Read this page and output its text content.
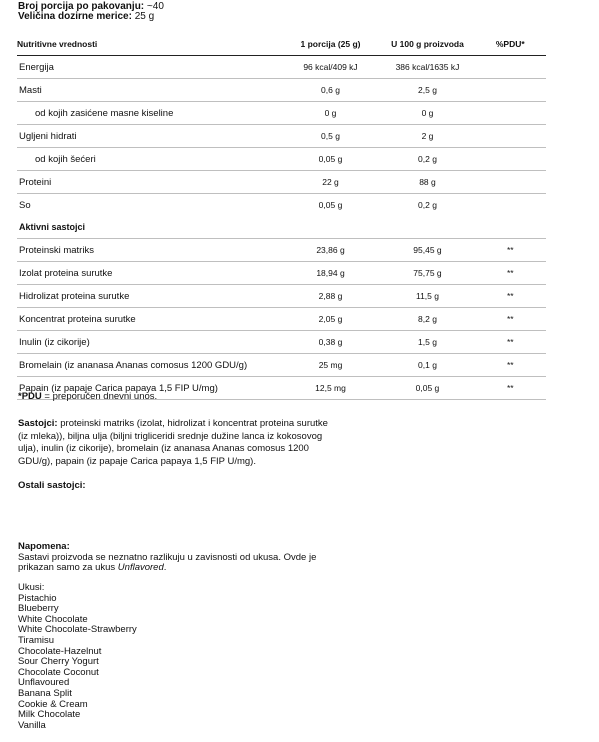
Broj porcija po pakovanju: ~40
Veličina dozirne merice: 25 g
Nutritivne vrednosti	1 porcija (25 g)	U 100 g proizvoda	%PDU*
Energija	96 kcal/409 kJ	386 kcal/1635 kJ	
Masti	0,6 g	2,5 g	
od kojih zasićene masne kiseline	0 g	0 g	
Ugljeni hidrati	0,5 g	2 g	
od kojih šećeri	0,05 g	0,2 g	
Proteini	22 g	88 g	
So	0,05 g	0,2 g	
Aktivni sastojci			
Proteinski matriks	23,86 g	95,45 g	**
Izolat proteina surutke	18,94 g	75,75 g	**
Hidrolizat proteina surutke	2,88 g	11,5 g	**
Koncentrat proteina surutke	2,05 g	8,2 g	**
Inulin (iz cikorije)	0,38 g	1,5 g	**
Bromelain (iz ananasa Ananas comosus 1200 GDU/g)	25 mg	0,1 g	**
Papain (iz papaje Carica papaya 1,5 FIP U/mg)	12,5 mg	0,05 g	**
*PDU = preporučen dnevni unos.
Sastojci: proteinski matriks (izolat, hidrolizat i koncentrat proteina surutke (iz mleka)), biljna ulja (biljni trigliceridi srednje dužine lanca iz kokosovog ulja), inulin (iz cikorije), bromelain (iz ananasa Ananas comosus 1200 GDU/g), papain (iz papaje Carica papaya 1,5 FIP U/mg).
Ostali sastojci:
Napomena:
Sastavi proizvoda se neznatno razlikuju u zavisnosti od ukusa. Ovde je prikazan samo za ukus Unflavored.
Ukusi:
Pistachio
Blueberry
White Chocolate
White Chocolate-Strawberry
Tiramisu
Chocolate-Hazelnut
Sour Cherry Yogurt
Chocolate Coconut
Unflavoured
Banana Split
Cookie & Cream
Milk Chocolate
Vanilla
